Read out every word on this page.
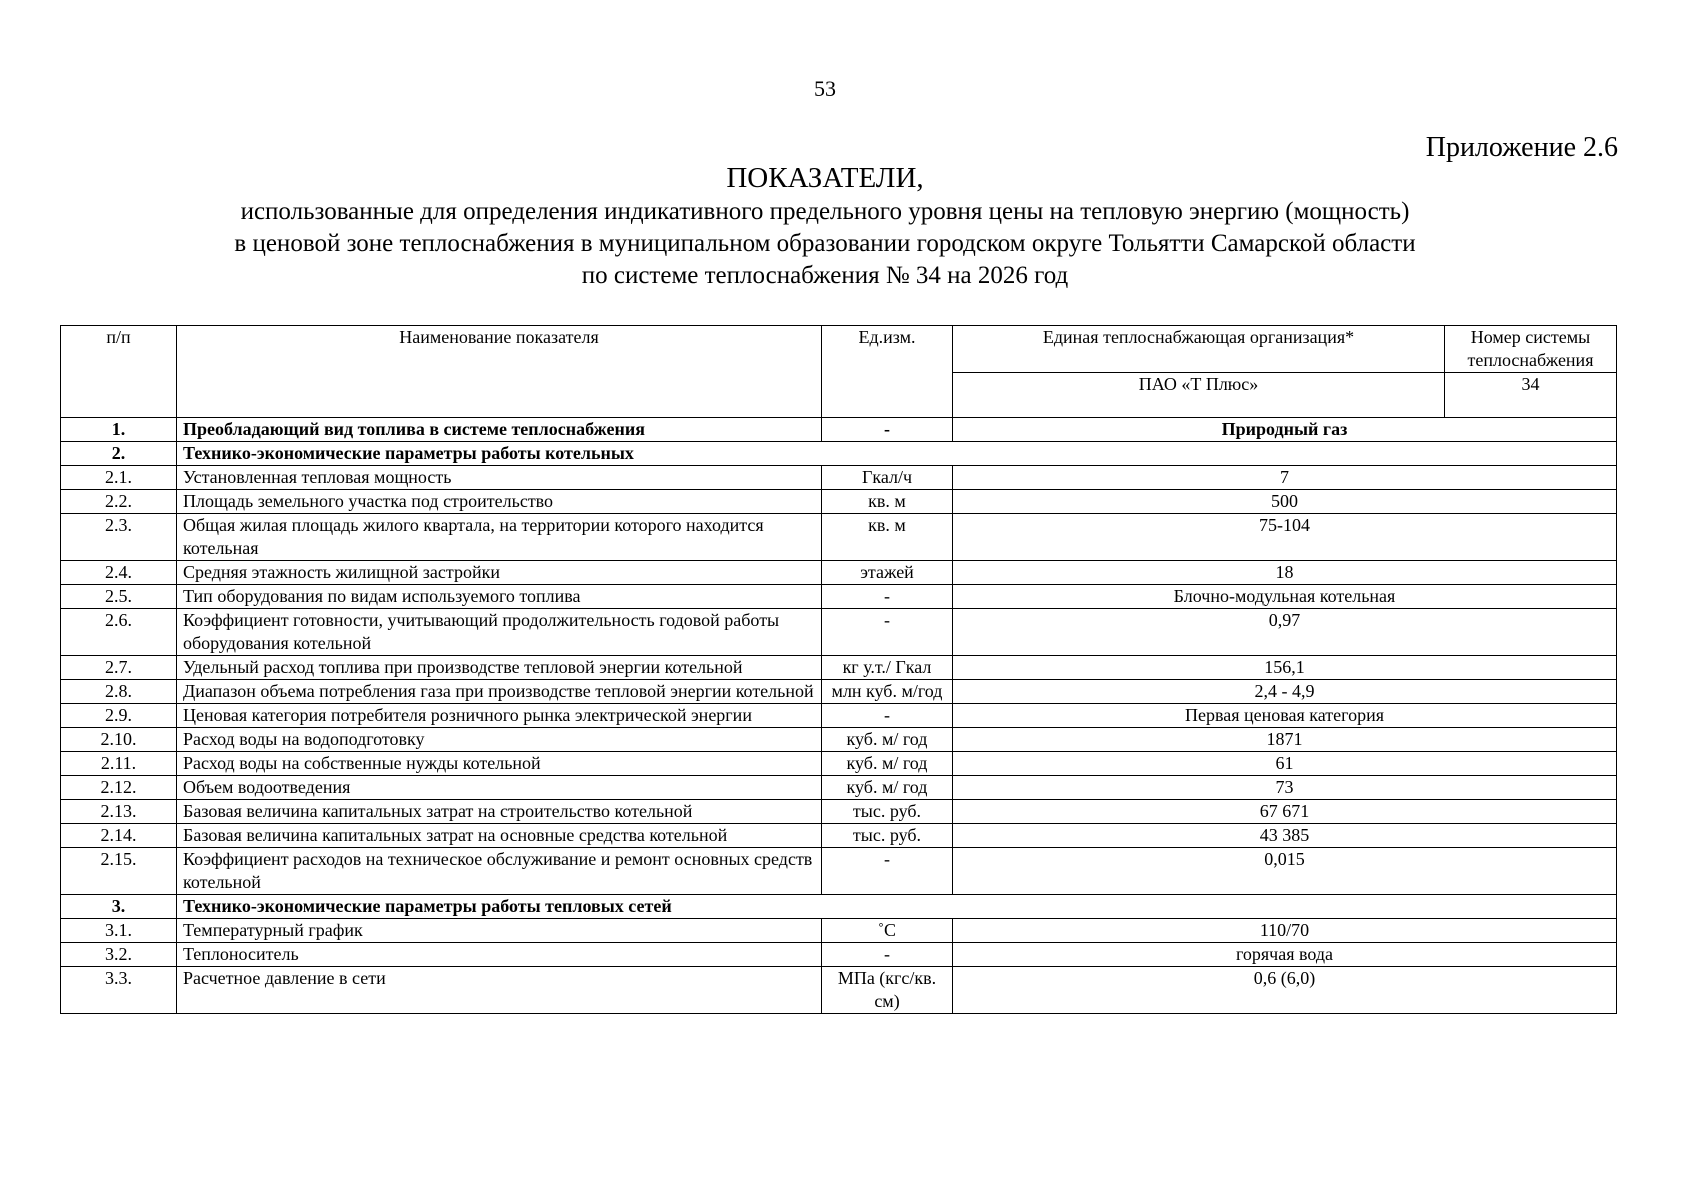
53
Приложение 2.6
ПОКАЗАТЕЛИ,
использованные для определения индикативного предельного уровня цены на тепловую энергию (мощность)
в ценовой зоне теплоснабжения в муниципальном образовании городском округе Тольятти Самарской области
по системе теплоснабжения № 34 на 2026 год
п/п	Наименование показателя	Ед.изм.	Единая теплоснабжающая организация*	Номер системы теплоснабжения
			ПАО «Т Плюс»	34
1.	Преобладающий вид топлива в системе теплоснабжения	-	Природный газ	
2.	Технико-экономические параметры работы котельных			
2.1.	Установленная тепловая мощность	Гкал/ч	7	
2.2.	Площадь земельного участка под строительство	кв. м	500	
2.3.	Общая жилая площадь жилого квартала, на территории которого находится котельная	кв. м	75-104	
2.4.	Средняя этажность жилищной застройки	этажей	18	
2.5.	Тип оборудования по видам используемого топлива	-	Блочно-модульная котельная	
2.6.	Коэффициент готовности, учитывающий продолжительность годовой работы оборудования котельной	-	0,97	
2.7.	Удельный расход топлива при производстве тепловой энергии котельной	кг у.т./ Гкал	156,1	
2.8.	Диапазон объема потребления газа при производстве тепловой энергии котельной	млн куб. м/год	2,4 - 4,9	
2.9.	Ценовая категория потребителя розничного рынка электрической энергии	-	Первая ценовая категория	
2.10.	Расход воды на водоподготовку	куб. м/ год	1871	
2.11.	Расход воды на собственные нужды котельной	куб. м/ год	61	
2.12.	Объем водоотведения	куб. м/ год	73	
2.13.	Базовая величина капитальных затрат на строительство котельной	тыс. руб.	67 671	
2.14.	Базовая величина капитальных затрат на основные средства котельной	тыс. руб.	43 385	
2.15.	Коэффициент расходов на техническое обслуживание и ремонт основных средств котельной	-	0,015	
3.	Технико-экономические параметры работы тепловых сетей			
3.1.	Температурный график	˚С	110/70	
3.2.	Теплоноситель	-	горячая вода	
3.3.	Расчетное давление в сети	МПа (кгс/кв. см)	0,6 (6,0)	
